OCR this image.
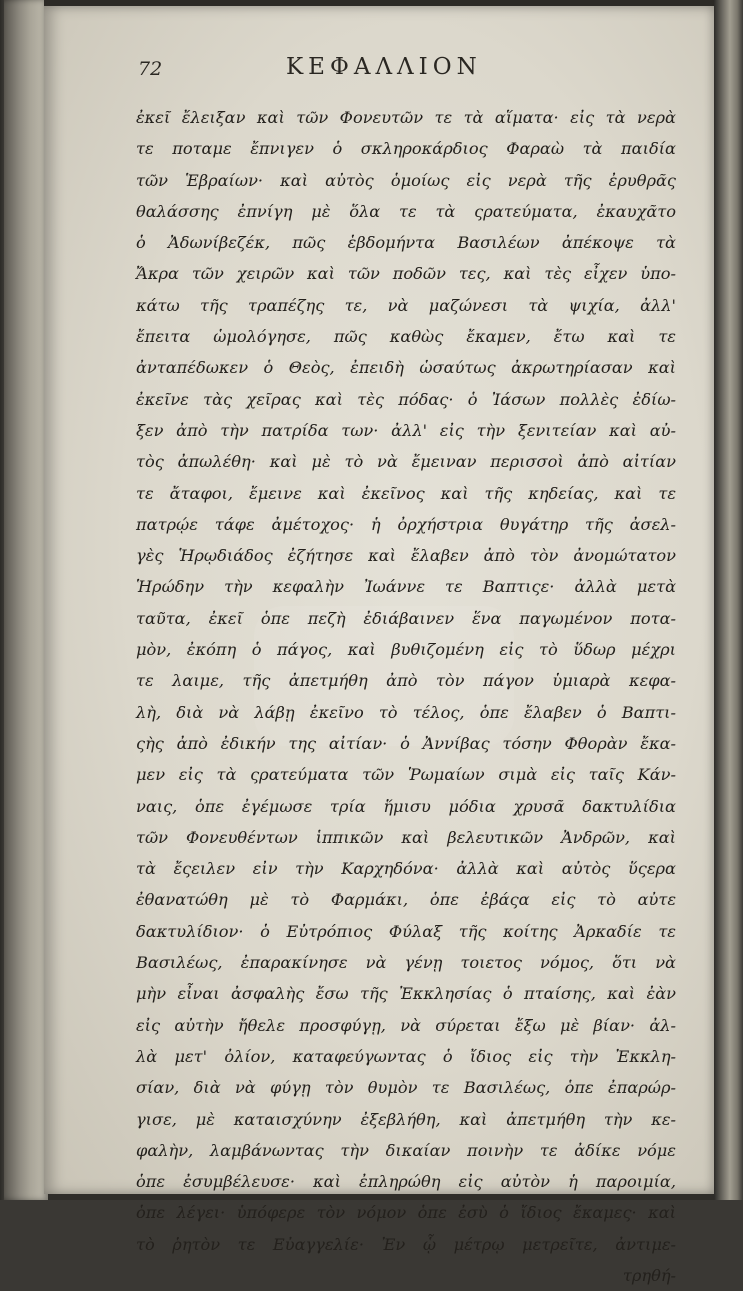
72	ΚΕΦΑΛΛΙΟΝ
ἐκεῖ ἔλειξαν καὶ τῶν Φονευτῶν τε τὰ αἵματα· εἰς τὰ νερὰ
τε ποταμε ἔπνιγεν ὁ σκληροκάρδιος Φαραὼ τὰ παιδία
τῶν Ἑβραίων· καὶ αὐτὸς ὁμοίως εἰς νερὰ τῆς ἐρυθρᾶς
θαλάσσης ἐπνίγη μὲ ὅλα τε τὰ ςρατεύματα, ἐκαυχᾶτο
ὁ Ἀδωνίβεζέκ, πῶς ἑβδομήντα Βασιλέων ἀπέκοψε τὰ
Ἄκρα τῶν χειρῶν καὶ τῶν ποδῶν τες, καὶ τὲς εἶχεν ὑπο-
κάτω τῆς τραπέζης τε, νὰ μαζώνεσι τὰ ψιχία, ἀλλ'
ἔπειτα ὡμολόγησε, πῶς καθὼς ἔκαμεν, ἔτω καὶ τε
ἀνταπέδωκεν ὁ Θεὸς, ἐπειδὴ ὡσαύτως ἀκρωτηρίασαν καὶ
ἐκεῖνε τὰς χεῖρας καὶ τὲς πόδας· ὁ Ἰάσων πολλὲς ἐδίω-
ξεν ἀπὸ τὴν πατρίδα των· ἀλλ' εἰς τὴν ξενιτείαν καὶ αὐ-
τὸς ἀπωλέθη· καὶ μὲ τὸ νὰ ἔμειναν περισσοὶ ἀπὸ αἰτίαν
τε ἄταφοι, ἔμεινε καὶ ἐκεῖνος καὶ τῆς κηδείας, καὶ τε
πατρῴε τάφε ἀμέτοχος· ἡ ὀρχήστρια θυγάτηρ τῆς ἀσελ-
γὲς Ἡρῳδιάδος ἐζήτησε καὶ ἔλαβεν ἀπὸ τὸν ἀνομώτατον
Ἡρώδην τὴν κεφαλὴν Ἰωάννε τε Βαπτιςε· ἀλλὰ μετὰ
ταῦτα, ἐκεῖ ὁπε πεζὴ ἐδιάβαινεν ἕνα παγωμένον ποτα-
μὸν, ἐκόπη ὁ πάγος, καὶ βυθιζομένη εἰς τὸ ὕδωρ μέχρι
τε λαιμε, τῆς ἀπετμήθη ἀπὸ τὸν πάγον ὑμιαρὰ κεφα-
λὴ, διὰ νὰ λάβῃ ἐκεῖνο τὸ τέλος, ὁπε ἔλαβεν ὁ Βαπτι-
ςὴς ἀπὸ ἐδικήν της αἰτίαν· ὁ Ἀννίβας τόσην Φθορὰν ἔκα-
μεν εἰς τὰ ςρατεύματα τῶν Ῥωμαίων σιμὰ εἰς ταῖς Κάν-
ναις, ὁπε ἐγέμωσε τρία ἥμισυ μόδια χρυσᾶ δακτυλίδια
τῶν Φονευθέντων ἱππικῶν καὶ βελευτικῶν Ἀνδρῶν, καὶ
τὰ ἔςειλεν εἰν τὴν Καρχηδόνα· ἀλλὰ καὶ αὐτὸς ὕςερα
ἐθανατώθη μὲ τὸ Φαρμάκι, ὁπε ἐβάςα εἰς τὸ αὐτε
δακτυλίδιον· ὁ Εὐτρόπιος Φύλαξ τῆς κοίτης Ἀρκαδίε τε
Βασιλέως, ἐπαρακίνησε νὰ γένῃ τοιετος νόμος, ὅτι νὰ
μὴν εἶναι ἀσφαλὴς ἔσω τῆς Ἐκκλησίας ὁ πταίσης, καὶ ἐὰν
εἰς αὐτὴν ἤθελε προσφύγῃ, νὰ σύρεται ἔξω μὲ βίαν· ἀλ-
λὰ μετ' ὀλίον, καταφεύγωντας ὁ ἴδιος εἰς τὴν Ἐκκλη-
σίαν, διὰ νὰ φύγῃ τὸν θυμὸν τε Βασιλέως, ὁπε ἐπαρώρ-
γισε, μὲ καταισχύνην ἐξεβλήθη, καὶ ἀπετμήθη τὴν κε-
φαλὴν, λαμβάνωντας τὴν δικαίαν ποινὴν τε ἀδίκε νόμε
ὁπε ἐσυμβέλευσε· καὶ ἐπληρώθη εἰς αὐτὸν ἡ παροιμία,
ὁπε λέγει· ὑπόφερε τὸν νόμον ὁπε ἐσὺ ὁ ἴδιος ἔκαμες· καὶ
τὸ ῥητὸν τε Εὐαγγελίε· Ἐν ᾧ μέτρῳ μετρεῖτε, ἀντιμε-
τρηθή-
